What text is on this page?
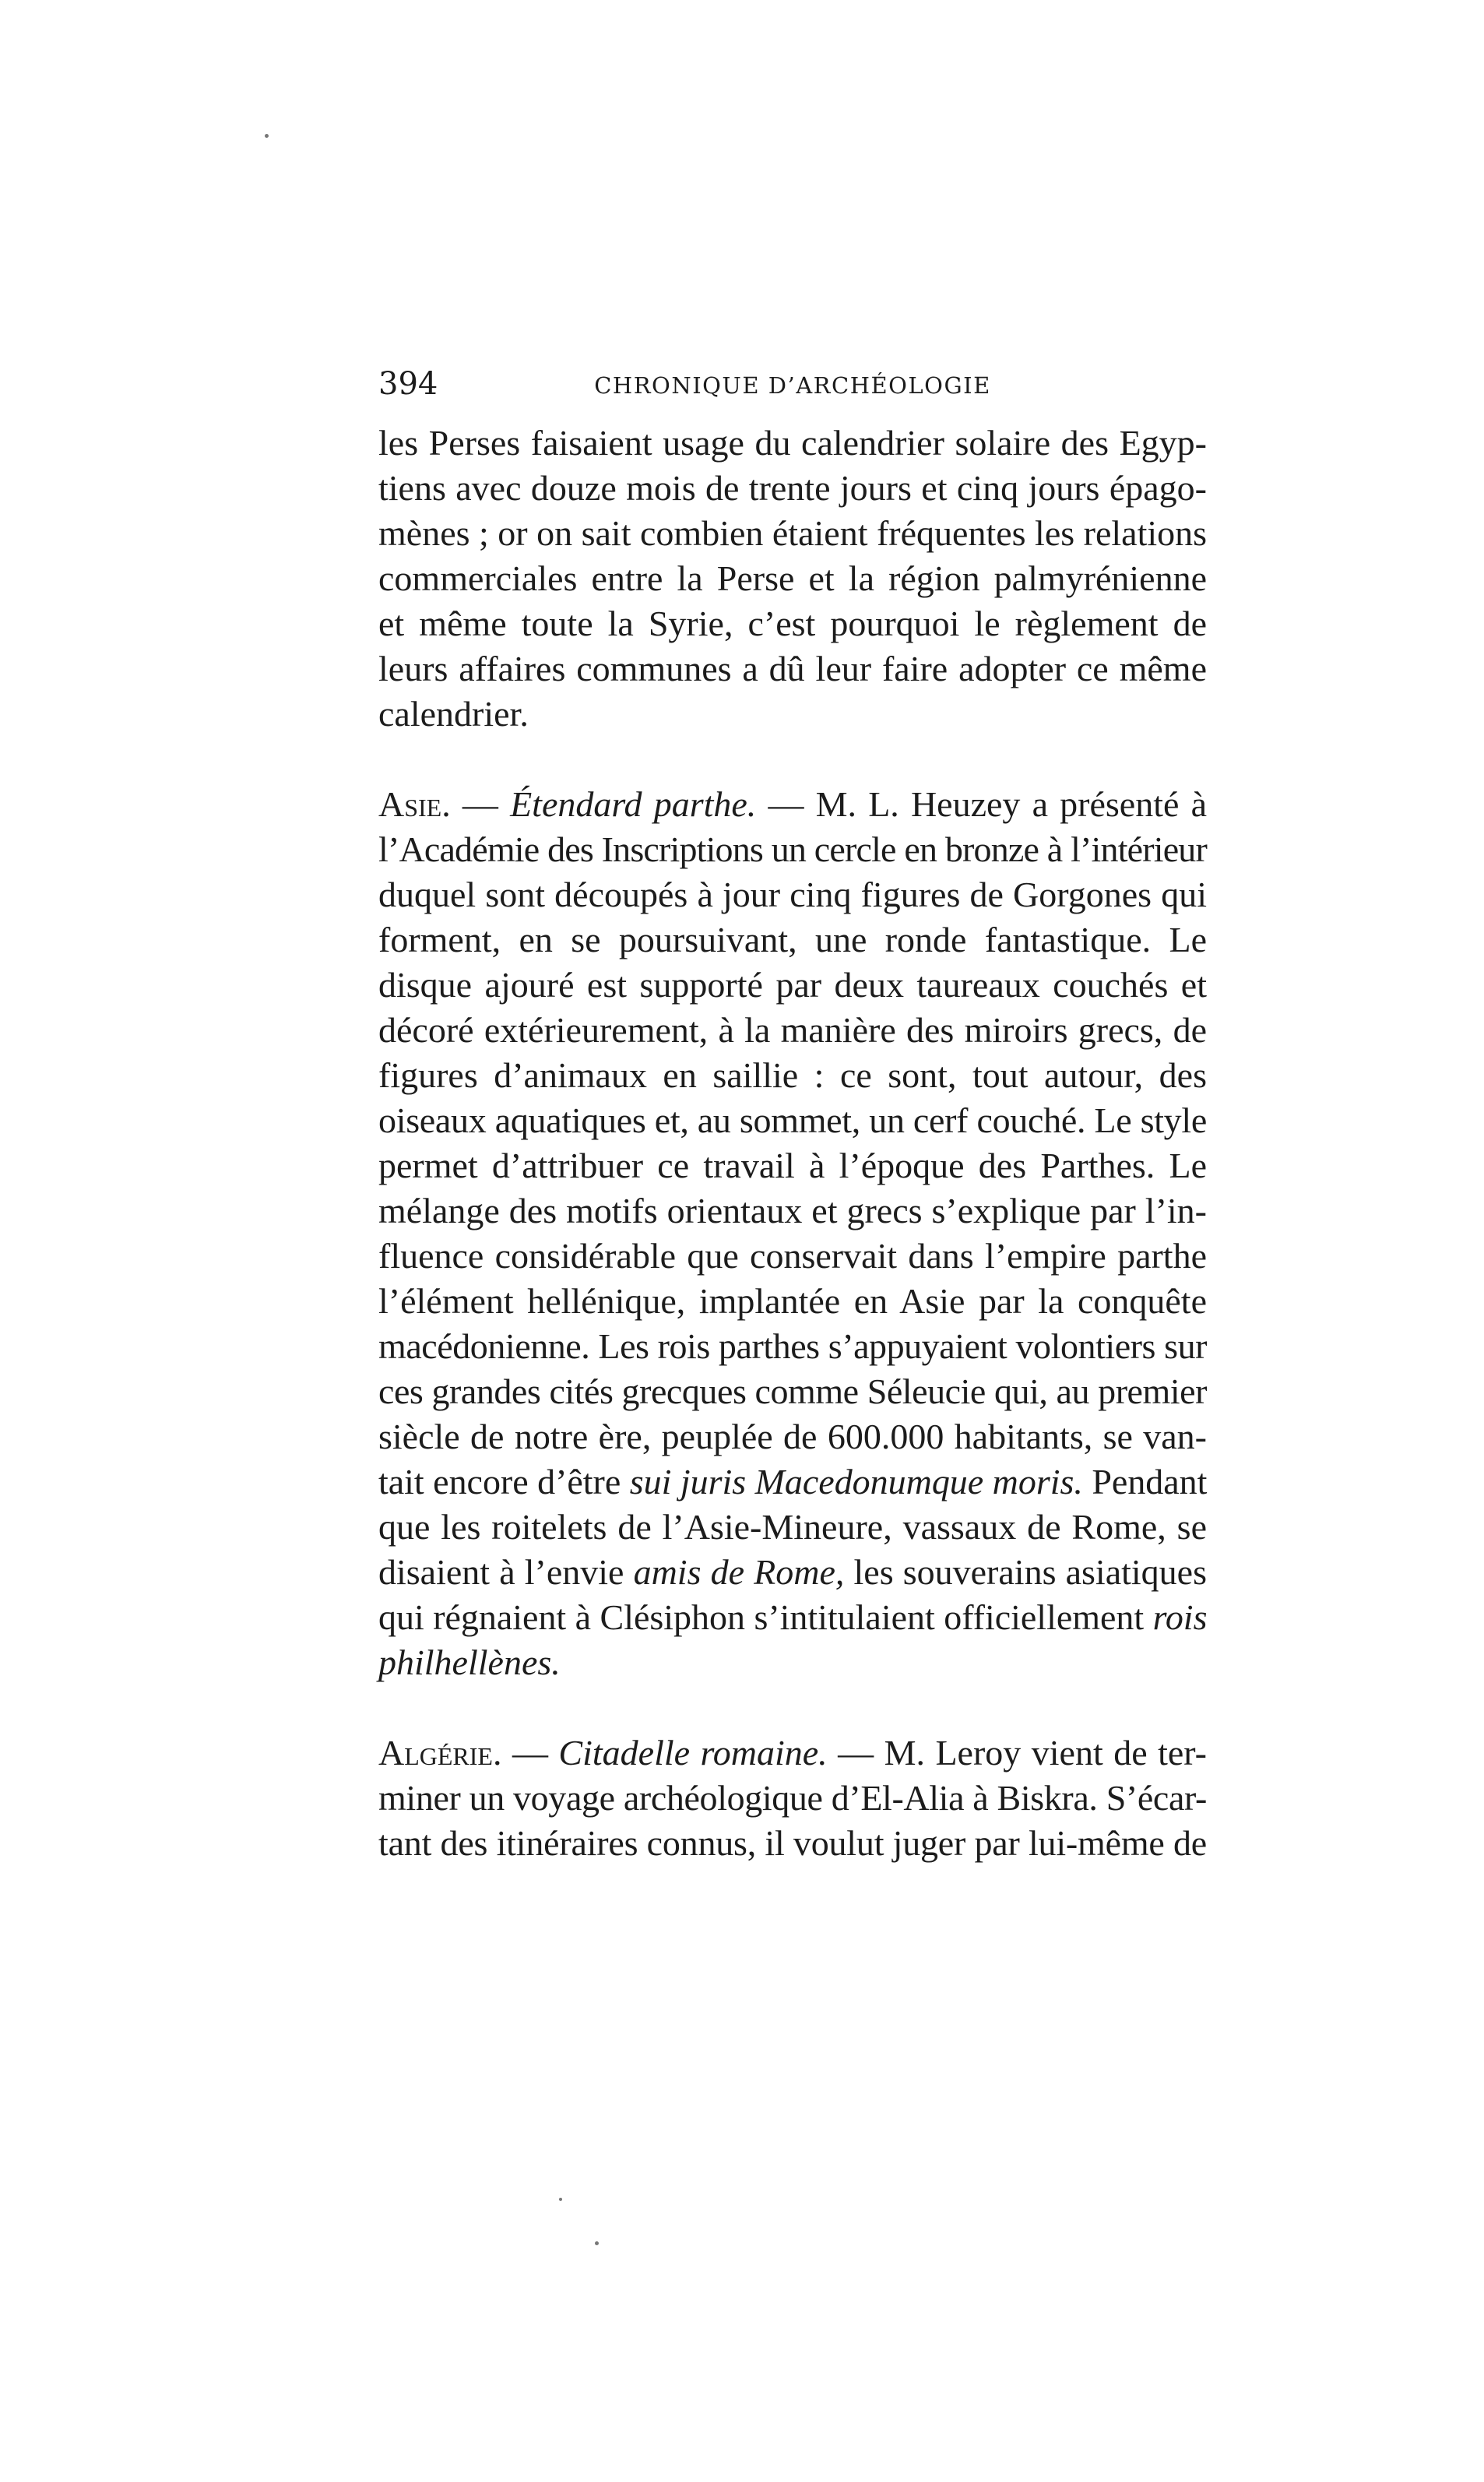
394	CHRONIQUE D’ARCHÉOLOGIE
les Perses faisaient usage du calendrier solaire des Egyp-
tiens avec douze mois de trente jours et cinq jours épago-
mènes ; or on sait combien étaient fréquentes les relations
commerciales entre la Perse et la région palmyrénienne
et même toute la Syrie, c’est pourquoi le règlement de
leurs affaires communes a dû leur faire adopter ce même
calendrier.
Asie. — Étendard parthe. — M. L. Heuzey a présenté à
l’Académie des Inscriptions un cercle en bronze à l’intérieur
duquel sont découpés à jour cinq figures de Gorgones qui
forment, en se poursuivant, une ronde fantastique. Le
disque ajouré est supporté par deux taureaux couchés et
décoré extérieurement, à la manière des miroirs grecs, de
figures d’animaux en saillie : ce sont, tout autour, des
oiseaux aquatiques et, au sommet, un cerf couché. Le style
permet d’attribuer ce travail à l’époque des Parthes. Le
mélange des motifs orientaux et grecs s’explique par l’in-
fluence considérable que conservait dans l’empire parthe
l’élément hellénique, implantée en Asie par la conquête
macédonienne. Les rois parthes s’appuyaient volontiers sur
ces grandes cités grecques comme Séleucie qui, au premier
siècle de notre ère, peuplée de 600.000 habitants, se van-
tait encore d’être sui juris Macedonumque moris. Pendant
que les roitelets de l’Asie-Mineure, vassaux de Rome, se
disaient à l’envie amis de Rome, les souverains asiatiques
qui régnaient à Clésiphon s’intitulaient officiellement rois
philhellènes.
Algérie. — Citadelle romaine. — M. Leroy vient de ter-
miner un voyage archéologique d’El-Alia à Biskra. S’écar-
tant des itinéraires connus, il voulut juger par lui-même de
